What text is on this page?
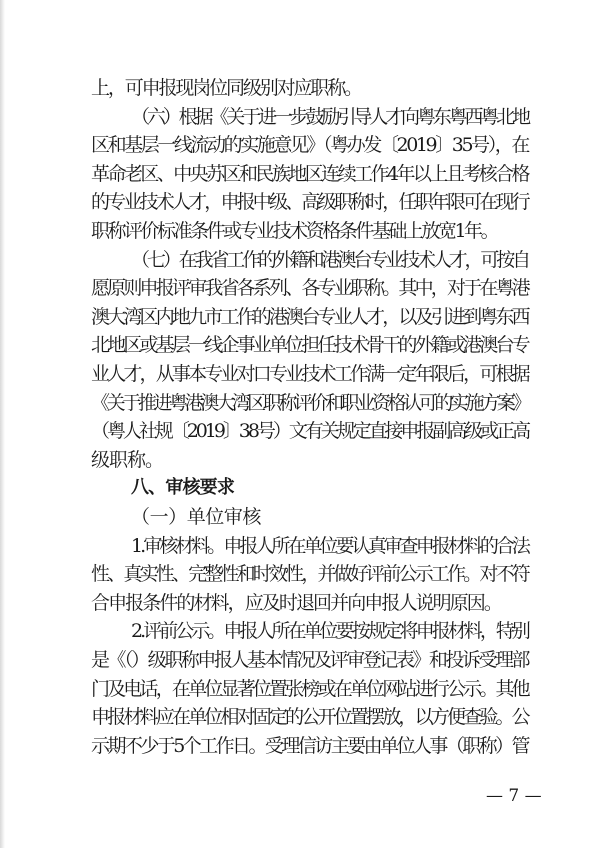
上，可申报现岗位同级别对应职称。
（六）根据《关于进一步鼓励引导人才向粤东粤西粤北地
区和基层一线流动的实施意见》（粤办发〔2019〕35号），在
革命老区、中央苏区和民族地区连续工作4年以上且考核合格
的专业技术人才，申报中级、高级职称时，任职年限可在现行
职称评价标准条件或专业技术资格条件基础上放宽1年。
（七）在我省工作的外籍和港澳台专业技术人才，可按自
愿原则申报评审我省各系列、各专业职称。其中，对于在粤港
澳大湾区内地九市工作的港澳台专业人才，以及引进到粤东西
北地区或基层一线企事业单位担任技术骨干的外籍或港澳台专
业人才，从事本专业对口专业技术工作满一定年限后，可根据
《关于推进粤港澳大湾区职称评价和职业资格认可的实施方案》
（粤人社规〔2019〕38号）文有关规定直接申报副高级或正高
级职称。
八、审核要求
（一）单位审核
1.审核材料。申报人所在单位要认真审查申报材料的合法
性、真实性、完整性和时效性，并做好评前公示工作。对不符
合申报条件的材料，应及时退回并向申报人说明原因。
2.评前公示。申报人所在单位要按规定将申报材料，特别
是《（）级职称申报人基本情况及评审登记表》和投诉受理部
门及电话，在单位显著位置张榜或在单位网站进行公示。其他
申报材料应在单位相对固定的公开位置摆放，以方便查验。公
示期不少于5个工作日。受理信访主要由单位人事（职称）管
— 7 —
